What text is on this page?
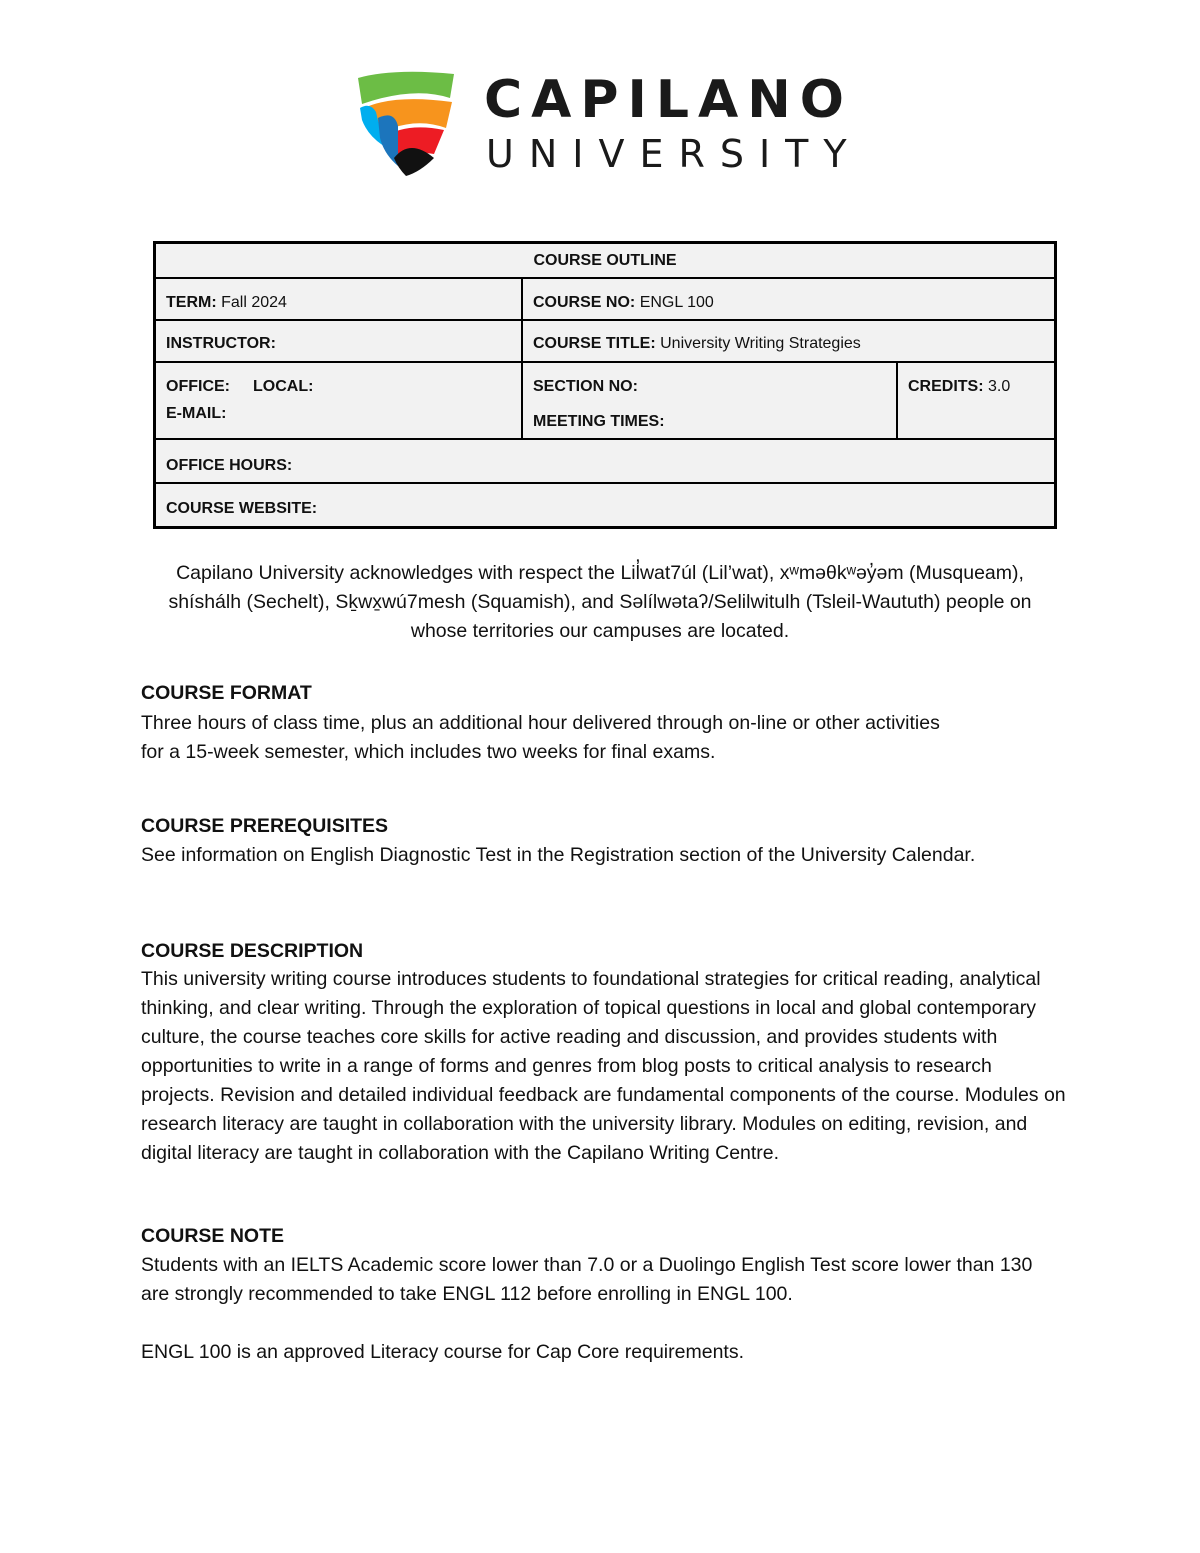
CAPILANO
UNIVERSITY
COURSE OUTLINE
TERM: Fall 2024	COURSE NO: ENGL 100
INSTRUCTOR:	COURSE TITLE: University Writing Strategies
OFFICE: LOCAL:
E-MAIL:
SECTION NO:
MEETING TIMES:
CREDITS: 3.0
OFFICE HOURS:
COURSE WEBSITE:
Capilano University acknowledges with respect the Lil̓wat7úl (Lil’wat), xʷməθkʷəy̓əm (Musqueam), shíshálh (Sechelt), Sḵwx̱wú7mesh (Squamish), and Səlílwətaʔ/Selilwitulh (Tsleil-Waututh) people on whose territories our campuses are located.
COURSE FORMAT
Three hours of class time, plus an additional hour delivered through on-line or other activities for a 15-week semester, which includes two weeks for final exams.
COURSE PREREQUISITES
See information on English Diagnostic Test in the Registration section of the University Calendar.
COURSE DESCRIPTION
This university writing course introduces students to foundational strategies for critical reading, analytical thinking, and clear writing. Through the exploration of topical questions in local and global contemporary culture, the course teaches core skills for active reading and discussion, and provides students with opportunities to write in a range of forms and genres from blog posts to critical analysis to research projects. Revision and detailed individual feedback are fundamental components of the course. Modules on research literacy are taught in collaboration with the university library. Modules on editing, revision, and digital literacy are taught in collaboration with the Capilano Writing Centre.
COURSE NOTE
Students with an IELTS Academic score lower than 7.0 or a Duolingo English Test score lower than 130 are strongly recommended to take ENGL 112 before enrolling in ENGL 100.
ENGL 100 is an approved Literacy course for Cap Core requirements.
